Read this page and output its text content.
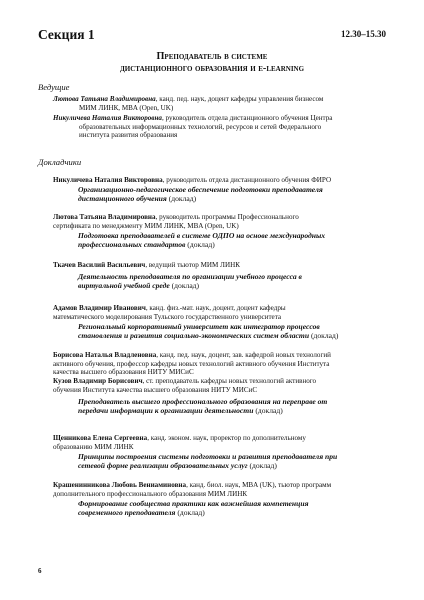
Секция 1	12.30–15.30
Преподаватель в системе
дистанционного образования и e-learning
Ведущие
Лютова Татьяна Владимировна, канд. пед. наук, доцент кафедры управления бизнесом
МИМ ЛИНК, MBA (Open, UK)
Никуличева Наталия Викторовна, руководитель отдела дистанционного обучения Центра
образовательных информационных технологий, ресурсов и сетей Федерального
института развития образования
Докладчики
Никуличева Наталия Викторовна, руководитель отдела дистанционного обучения ФИРО
Организационно-педагогическое обеспечение подготовки преподавателя
дистанционного обучения (доклад)
Лютова Татьяна Владимировна, руководитель программы Профессионального
сертификата по менеджменту МИМ ЛИНК, MBA (Open, UK)
Подготовка преподавателей в системе ОДПО на основе международных
профессиональных стандартов (доклад)
Ткачев Василий Васильевич, ведущий тьютор МИМ ЛИНК
Деятельность преподавателя по организации учебного процесса в
виртуальной учебной среде (доклад)
Адамов Владимир Иванович, канд. физ.-мат. наук, доцент, доцент кафедры
математического моделирования Тульского государственного университета
Региональный корпоративный университет как интегратор процессов
становления и развития социально-экономических систем области (доклад)
Борисова Наталья Владленовна, канд. пед. наук, доцент, зав. кафедрой новых технологий
активного обучения, профессор кафедры новых технологий активного обучения Института
качества высшего образования НИТУ МИСиС
Кузов Владимир Борисович, ст. преподаватель кафедры новых технологий активного
обучения Института качества высшего образования НИТУ МИСиС
Преподаватель высшего профессионального образования на переправе от
передачи информации к организации деятельности (доклад)
Щенникова Елена Сергеевна, канд. эконом. наук, проректор по дополнительному
образованию МИМ ЛИНК
Принципы построения системы подготовки и развития преподавателя при
сетевой форме реализации образовательных услуг (доклад)
Крашенинникова Любовь Вениаминовна, канд. биол. наук, MBA (UK), тьютор программ
дополнительного профессионального образования МИМ ЛИНК
Формирование сообщества практики как важнейшая компетенция
современного преподавателя (доклад)
6
